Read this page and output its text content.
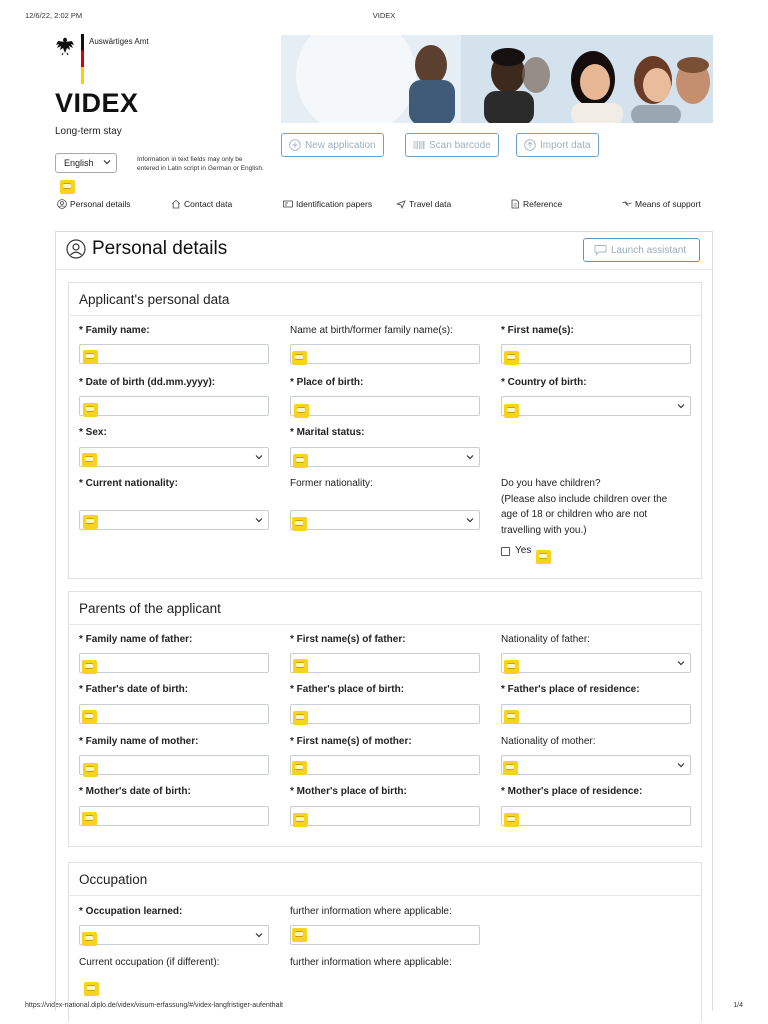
12/6/22, 2:02 PM	VIDEX
https://videx-national.diplo.de/videx/visum-erfassung/#/videx-langfristiger-aufenthalt	1/4
Auswärtiges Amt
VIDEX
Long-term stay
New application	Scan barcode	Import data
English	Information in text fields may only be entered in Latin script in German or English.
Personal details	Contact data	Identification papers	Travel data	Reference	Means of support
Personal details	Launch assistant
Applicant's personal data
* Family name:	Name at birth/former family name(s):	* First name(s):
* Date of birth (dd.mm.yyyy):	* Place of birth:	* Country of birth:
* Sex:	* Marital status:
* Current nationality:	Former nationality:	Do you have children?
(Please also include children over the
age of 18 or children who are not
travelling with you.)
Yes
Parents of the applicant
* Family name of father:	* First name(s) of father:	Nationality of father:
* Father's date of birth:	* Father's place of birth:	* Father's place of residence:
* Family name of mother:	* First name(s) of mother:	Nationality of mother:
* Mother's date of birth:	* Mother's place of birth:	* Mother's place of residence:
Occupation
* Occupation learned:	further information where applicable:
Current occupation (if different):	further information where applicable:
